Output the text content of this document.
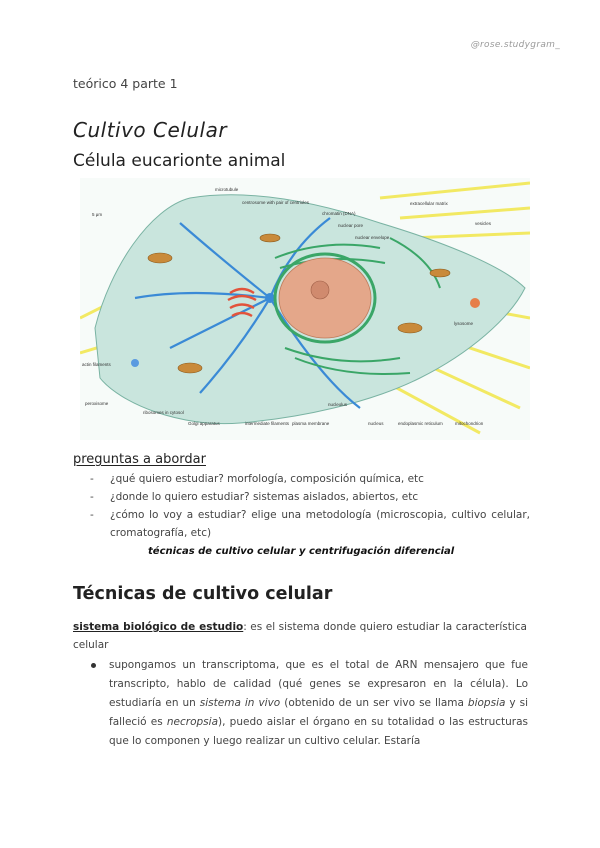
@rose.studygram_
teórico 4 parte 1
Cultivo Celular
Célula eucarionte animal
5 μm
microtubule
centrosome with pair of centrioles
chromatin (DNA)
nuclear pore
nuclear envelope
extracellular matrix
vesicles
lysosome
actin filaments
peroxisome
ribosomes in cytosol
Golgi apparatus	intermediate filaments plasma membrane
nucleolus
nucleus	endoplasmic reticulum	mitochondrion
preguntas a abordar
- ¿qué quiero estudiar? morfología, composición química, etc
- ¿donde lo quiero estudiar? sistemas aislados, abiertos, etc
- ¿cómo lo voy a estudiar? elige una metodología (microscopia, cultivo celular, cromatografía, etc)
técnicas de cultivo celular y centrifugación diferencial
Técnicas de cultivo celular

sistema biológico de estudio: es el sistema donde quiero estudiar la característica celular

supongamos un transcriptoma, que es el total de ARN mensajero que fue transcripto, hablo de calidad (qué genes se expresaron en la célula). Lo estudiaría en un sistema in vivo (obtenido de un ser vivo se llama biopsia y si falleció es necropsia), puedo aislar el órgano en su totalidad o las estructuras que lo componen y luego realizar un cultivo celular. Estaría
